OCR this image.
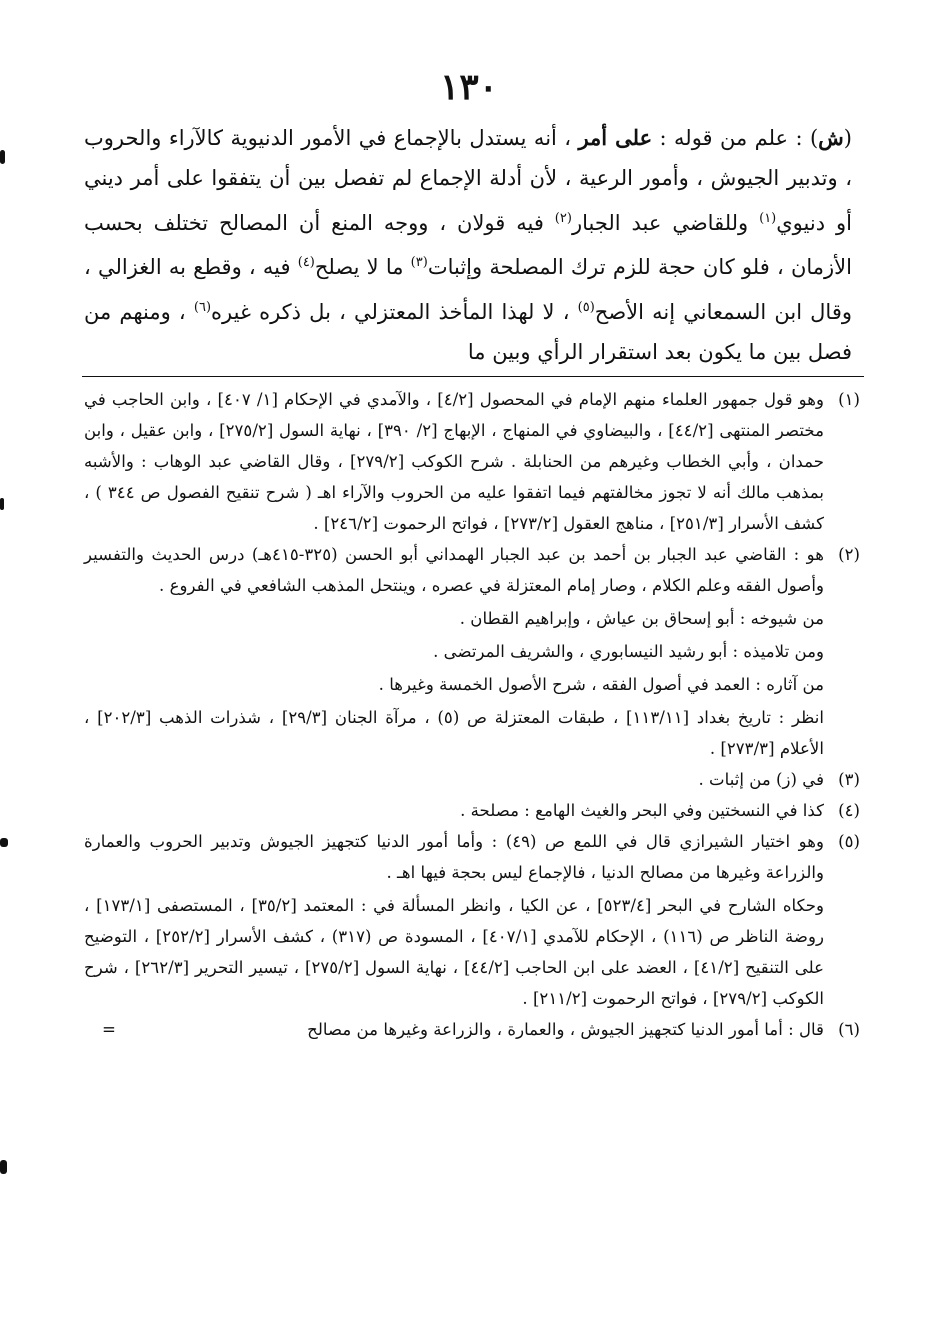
١٣٠
(ش) : علم من قوله : على أمر ، أنه يستدل بالإجماع في الأمور الدنيوية كالآراء والحروب ، وتدبير الجيوش ، وأمور الرعية ، لأن أدلة الإجماع لم تفصل بين أن يتفقوا على أمر ديني أو دنيوي$^{(١)}$ وللقاضي عبد الجبار$^{(٢)}$ فيه قولان ، ووجه المنع أن المصالح تختلف بحسب الأزمان ، فلو كان حجة للزم ترك المصلحة وإثبات$^{(٣)}$ ما لا يصلح$^{(٤)}$ فيه ، وقطع به الغزالي ، وقال ابن السمعاني إنه الأصح$^{(٥)}$ ، لا لهذا المأخذ المعتزلي ، بل ذكره غيره$^{(٦)}$ ، ومنهم من فصل بين ما يكون بعد استقرار الرأي وبين ما
(١)
وهو قول جمهور العلماء منهم الإمام في المحصول [٤/٢] ، والآمدي في الإحكام [١/ ٤٠٧] ، وابن الحاجب في مختصر المنتهى [٤٤/٢] ، والبيضاوي في المنهاج ، الإبهاج [٢/ ٣٩٠] ، نهاية السول [٢٧٥/٢] ، وابن عقيل ، وابن حمدان ، وأبي الخطاب وغيرهم من الحنابلة . شرح الكوكب [٢٧٩/٢] ، وقال القاضي عبد الوهاب : والأشبه بمذهب مالك أنه لا تجوز مخالفتهم فيما اتفقوا عليه من الحروب والآراء اهـ ( شرح تنقيح الفصول ص ٣٤٤ ) ، كشف الأسرار [٢٥١/٣] ، مناهج العقول [٢٧٣/٢] ، فواتح الرحموت [٢٤٦/٢] .
(٢)
هو : القاضي عبد الجبار بن أحمد بن عبد الجبار الهمداني أبو الحسن (٣٢٥-٤١٥هـ) درس الحديث والتفسير وأصول الفقه وعلم الكلام ، وصار إمام المعتزلة في عصره ، وينتحل المذهب الشافعي في الفروع .
من شيوخه : أبو إسحاق بن عياش ، وإبراهيم القطان .
ومن تلاميذه : أبو رشيد النيسابوري ، والشريف المرتضى .
من آثاره : العمد في أصول الفقه ، شرح الأصول الخمسة وغيرها .
انظر : تاريخ بغداد [١١٣/١١] ، طبقات المعتزلة ص (٥) ، مرآة الجنان [٢٩/٣] ، شذرات الذهب [٢٠٢/٣] ، الأعلام [٢٧٣/٣] .
(٣)
في (ز) من إثبات .
(٤)
كذا في النسختين وفي البحر والغيث الهامع : مصلحة .
(٥)
وهو اختيار الشيرازي قال في اللمع ص (٤٩) : وأما أمور الدنيا كتجهيز الجيوش وتدبير الحروب والعمارة والزراعة وغيرها من مصالح الدنيا ، فالإجماع ليس بحجة فيها اهـ .
وحكاه الشارح في البحر [٥٢٣/٤] ، عن الكيا ، وانظر المسألة في : المعتمد [٣٥/٢] ، المستصفى [١٧٣/١] ، روضة الناظر ص (١١٦) ، الإحكام للآمدي [٤٠٧/١] ، المسودة ص (٣١٧) ، كشف الأسرار [٢٥٢/٢] ، التوضيح على التنقيح [٤١/٢] ، العضد على ابن الحاجب [٤٤/٢] ، نهاية السول [٢٧٥/٢] ، تيسير التحرير [٢٦٢/٣] ، شرح الكوكب [٢٧٩/٢] ، فواتح الرحموت [٢١١/٢] .
(٦)
قال : أما أمور الدنيا كتجهيز الجيوش ، والعمارة ، والزراعة وغيرها من مصالح
=
